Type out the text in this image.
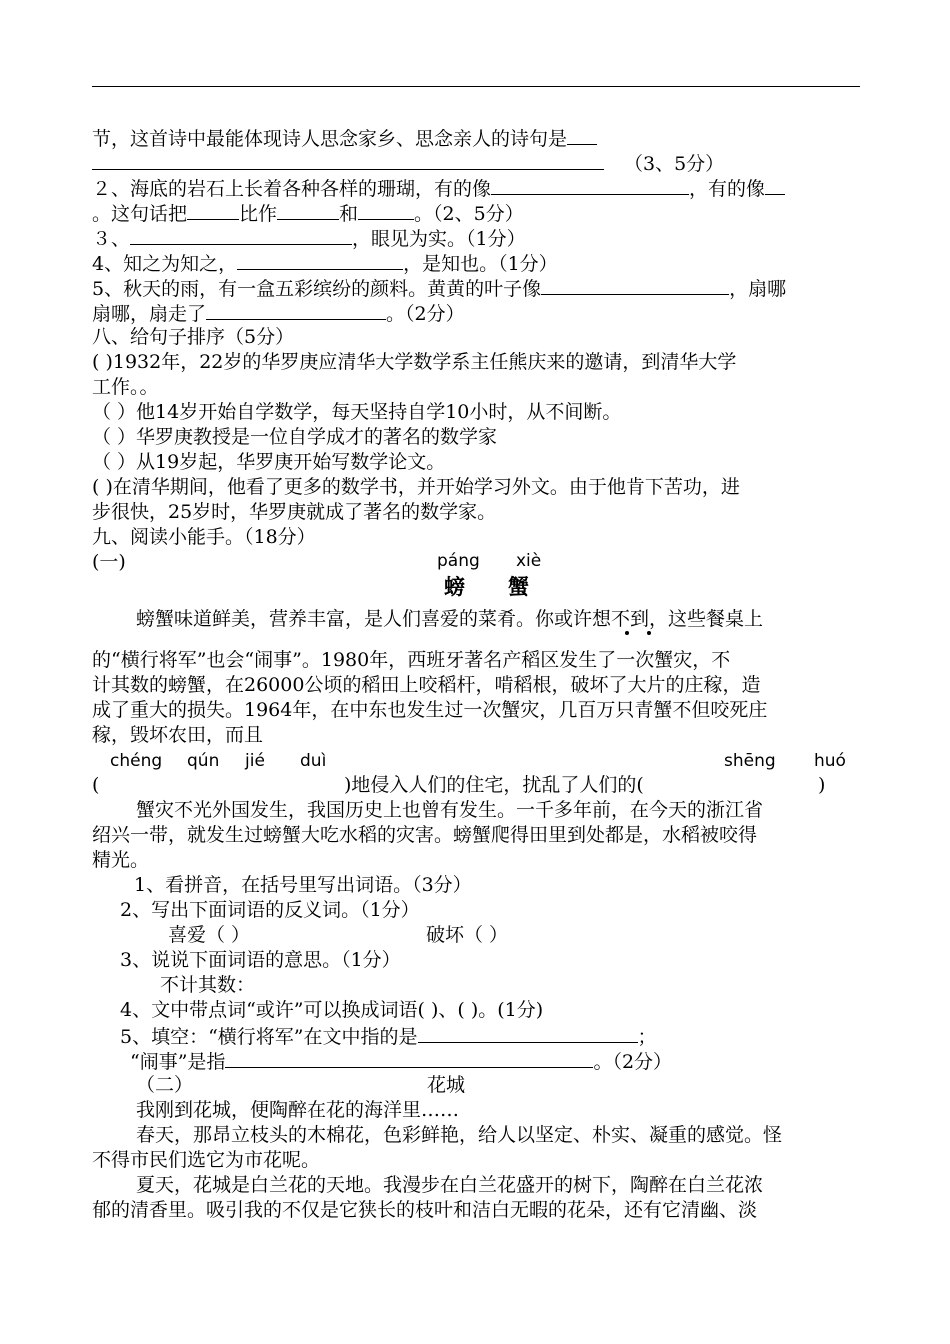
节，这首诗中最能体现诗人思念家乡、思念亲人的诗句是
（3、5分）
２、海底的岩石上长着各种各样的珊瑚，有的像	，有的像
。这句话把	比作	和	。（2、5分）
３、	，眼见为实。（1分）
4、知之为知之，	，是知也。（1分）
5、秋天的雨，有一盒五彩缤纷的颜料。黄黄的叶子像	，扇哪
扇哪，扇走了	。（2分）
八、给句子排序（5分）
( )1932年，22岁的华罗庚应清华大学数学系主任熊庆来的邀请，到清华大学
工作。。
（ ）他14岁开始自学数学，每天坚持自学10小时，从不间断。
（ ）华罗庚教授是一位自学成才的著名的数学家
（ ）从19岁起，华罗庚开始写数学论文。
( )在清华期间，他看了更多的数学书，并开始学习外文。由于他肯下苦功，进
步很快，25岁时，华罗庚就成了著名的数学家。
九、阅读小能手。（18分）
(一)	páng xiè
螃 蟹
螃蟹味道鲜美，营养丰富，是人们喜爱的菜肴。你或许想不到，这些餐桌上
的“横行将军”也会“闹事”。1980年，西班牙著名产稻区发生了一次蟹灾，不
计其数的螃蟹，在26000公顷的稻田上咬稻杆，啃稻根，破坏了大片的庄稼，造
成了重大的损失。1964年，在中东也发生过一次蟹灾，几百万只青蟹不但咬死庄
稼，毁坏农田，而且
chéng qún jié duì	shēng huó
(	)地侵入人们的住宅，扰乱了人们的(	)
蟹灾不光外国发生，我国历史上也曾有发生。一千多年前，在今天的浙江省
绍兴一带，就发生过螃蟹大吃水稻的灾害。螃蟹爬得田里到处都是，水稻被咬得
精光。
1、看拼音，在括号里写出词语。（3分）
2、写出下面词语的反义词。（1分）
喜爱（ ）	破坏（ ）
3、说说下面词语的意思。（1分）
不计其数：
4、文中带点词“或许”可以换成词语( )、( )。(1分)
5、填空：“横行将军”在文中指的是	；
“闹事”是指	。（2分）
（二）	花城
我刚到花城，便陶醉在花的海洋里……
春天，那昂立枝头的木棉花，色彩鲜艳，给人以坚定、朴实、凝重的感觉。怪
不得市民们选它为市花呢。
夏天，花城是白兰花的天地。我漫步在白兰花盛开的树下，陶醉在白兰花浓
郁的清香里。吸引我的不仅是它狭长的枝叶和洁白无暇的花朵，还有它清幽、淡
